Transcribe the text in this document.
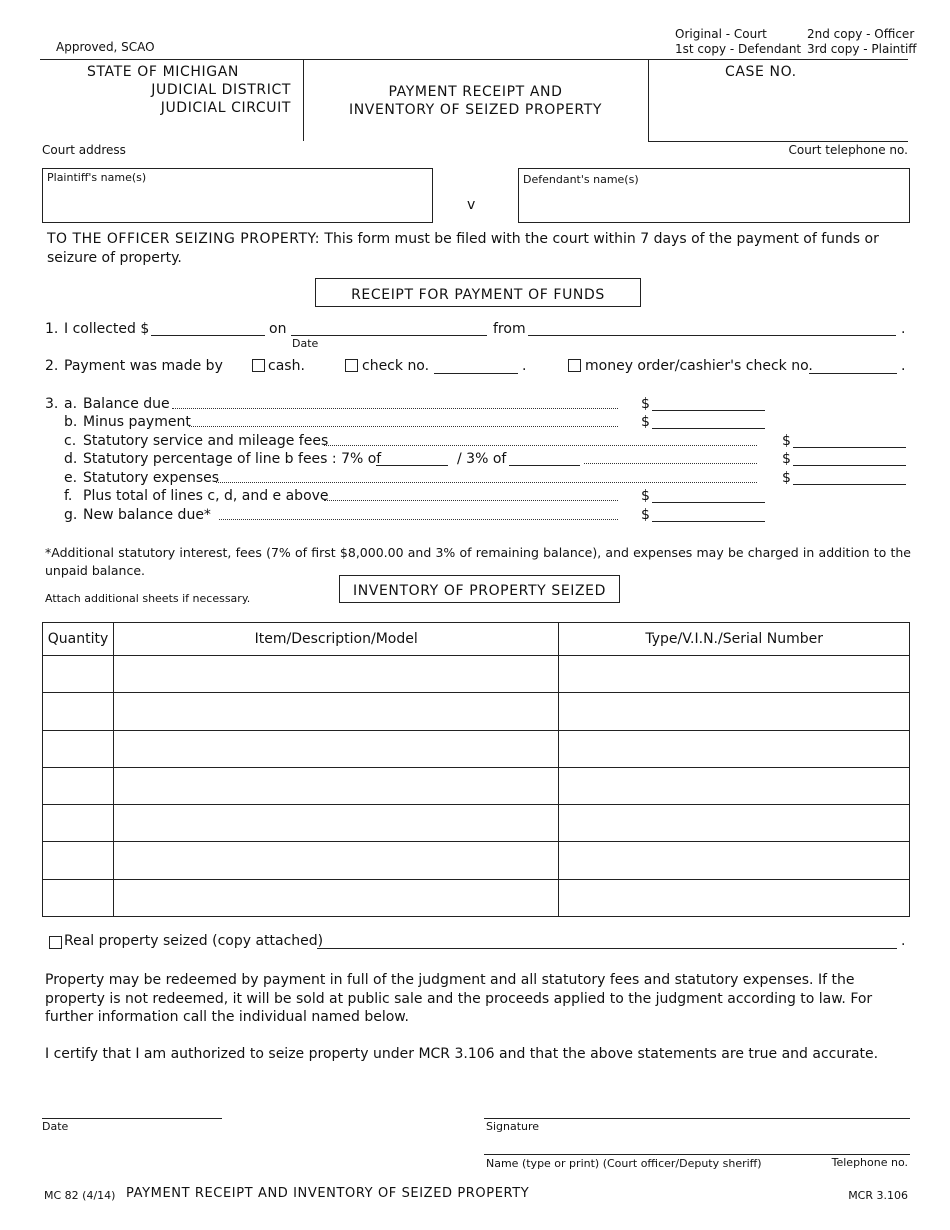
Approved, SCAO
Original - Court
1st copy - Defendant
2nd copy - Officer
3rd copy - Plaintiff
STATE OF MICHIGAN
JUDICIAL DISTRICT
JUDICIAL CIRCUIT
PAYMENT RECEIPT AND
INVENTORY OF SEIZED PROPERTY
CASE NO.
Court address	Court telephone no.
Plaintiff's name(s)
v
Defendant's name(s)
TO THE OFFICER SEIZING PROPERTY: This form must be filed with the court within 7 days of the payment of funds or seizure of property.
RECEIPT FOR PAYMENT OF FUNDS
1. I collected $	on
Date
from	.
2. Payment was made by	cash.	check no.	.	money order/cashier's check no.	.
3. a. Balance due	$
b. Minus payment	$
c. Statutory service and mileage fees	$
d. Statutory percentage of line b fees : 7% of	/ 3% of	$
e. Statutory expenses	$
f. Plus total of lines c, d, and e above	$
g. New balance due*	$
*Additional statutory interest, fees (7% of first $8,000.00 and 3% of remaining balance), and expenses may be charged in addition to the unpaid balance.
Attach additional sheets if necessary.	INVENTORY OF PROPERTY SEIZED
Quantity	Item/Description/Model	Type/V.I.N./Serial Number

Real property seized (copy attached)	.
Property may be redeemed by payment in full of the judgment and all statutory fees and statutory expenses. If the property is not redeemed, it will be sold at public sale and the proceeds applied to the judgment according to law. For further information call the individual named below.
I certify that I am authorized to seize property under MCR 3.106 and that the above statements are true and accurate.
Date	Signature
Name (type or print) (Court officer/Deputy sheriff)	Telephone no.
MC 82 (4/14) PAYMENT RECEIPT AND INVENTORY OF SEIZED PROPERTY	MCR 3.106
